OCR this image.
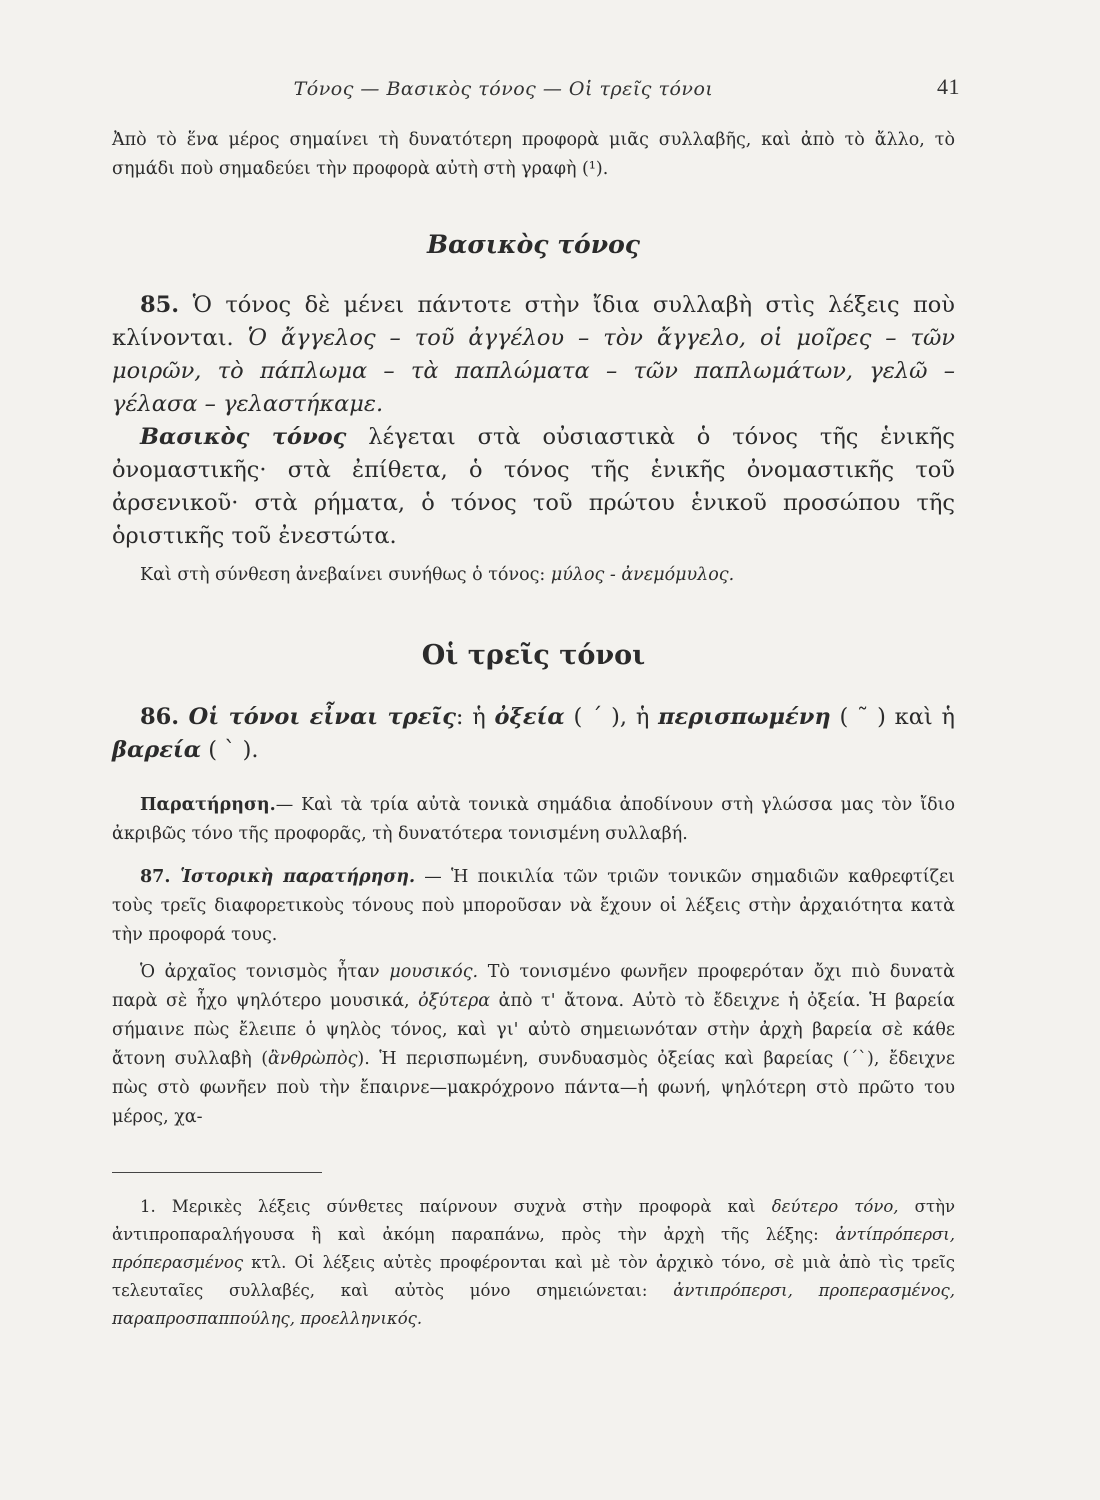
Τόνος — Βασικὸς τόνος — Οἱ τρεῖς τόνοι	41

Ἀπὸ τὸ ἕνα μέρος σημαίνει τὴ δυνατότερη προφορὰ μιᾶς συλλαβῆς, καὶ ἀπὸ τὸ ἄλλο, τὸ σημάδι ποὺ σημαδεύει τὴν προφορὰ αὐτὴ στὴ γραφὴ (¹).

Βασικὸς τόνος

85. Ὁ τόνος δὲ μένει πάντοτε στὴν ἴδια συλλαβὴ στὶς λέξεις ποὺ κλίνονται. Ὁ ἄγγελος – τοῦ ἀγγέλου – τὸν ἄγγελο, οἱ μοῖρες – τῶν μοιρῶν, τὸ πάπλωμα – τὰ παπλώματα – τῶν παπλωμάτων, γελῶ – γέλασα – γελαστήκαμε.

Βασικὸς τόνος λέγεται στὰ οὐσιαστικὰ ὁ τόνος τῆς ἑνικῆς ὀνομαστικῆς· στὰ ἐπίθετα, ὁ τόνος τῆς ἑνικῆς ὀνομαστικῆς τοῦ ἀρσενικοῦ· στὰ ρήματα, ὁ τόνος τοῦ πρώτου ἑνικοῦ προσώπου τῆς ὁριστικῆς τοῦ ἐνεστώτα.

Καὶ στὴ σύνθεση ἀνεβαίνει συνήθως ὁ τόνος: μύλος - ἀνεμόμυλος.

Οἱ τρεῖς τόνοι

86. Οἱ τόνοι εἶναι τρεῖς: ἡ ὀξεία ( ΄ ), ἡ περισπωμένη ( ῀ ) καὶ ἡ βαρεία ( ` ).

Παρατήρηση.— Καὶ τὰ τρία αὐτὰ τονικὰ σημάδια ἀποδίνουν στὴ γλώσσα μας τὸν ἴδιο ἀκριβῶς τόνο τῆς προφορᾶς, τὴ δυνατότερα τονισμένη συλλαβή.

87. Ἱστορικὴ παρατήρηση. — Ἡ ποικιλία τῶν τριῶν τονικῶν σημαδιῶν καθρεφτίζει τοὺς τρεῖς διαφορετικοὺς τόνους ποὺ μποροῦσαν νὰ ἔχουν οἱ λέξεις στὴν ἀρχαιότητα κατὰ τὴν προφορά τους.

Ὁ ἀρχαῖος τονισμὸς ἦταν μουσικός. Τὸ τονισμένο φωνῆεν προφερόταν ὄχι πιὸ δυνατὰ παρὰ σὲ ἦχο ψηλότερο μουσικά, ὀξύτερα ἀπὸ τ' ἄτονα. Αὐτὸ τὸ ἔδειχνε ἡ ὀξεία. Ἡ βαρεία σήμαινε πὼς ἔλειπε ὁ ψηλὸς τόνος, καὶ γι' αὐτὸ σημειωνόταν στὴν ἀρχὴ βαρεία σὲ κάθε ἄτονη συλλαβὴ (ἂνθρὼπὸς). Ἡ περισπωμένη, συνδυασμὸς ὀξείας καὶ βαρείας (΄`), ἔδειχνε πὼς στὸ φωνῆεν ποὺ τὴν ἔπαιρνε—μακρόχρονο πάντα—ἡ φωνή, ψηλότερη στὸ πρῶτο του μέρος, χα-

1. Μερικὲς λέξεις σύνθετες παίρνουν συχνὰ στὴν προφορὰ καὶ δεύτερο τόνο, στὴν ἀντιπροπαραλήγουσα ἢ καὶ ἀκόμη παραπάνω, πρὸς τὴν ἀρχὴ τῆς λέξης: ἀντίπρόπερσι, πρόπερασμένος κτλ. Οἱ λέξεις αὐτὲς προφέρονται καὶ μὲ τὸν ἀρχικὸ τόνο, σὲ μιὰ ἀπὸ τὶς τρεῖς τελευταῖες συλλαβές, καὶ αὐτὸς μόνο σημειώνεται: ἀντιπρόπερσι, προπερασμένος, παραπροσπαππούλης, προελληνικός.
